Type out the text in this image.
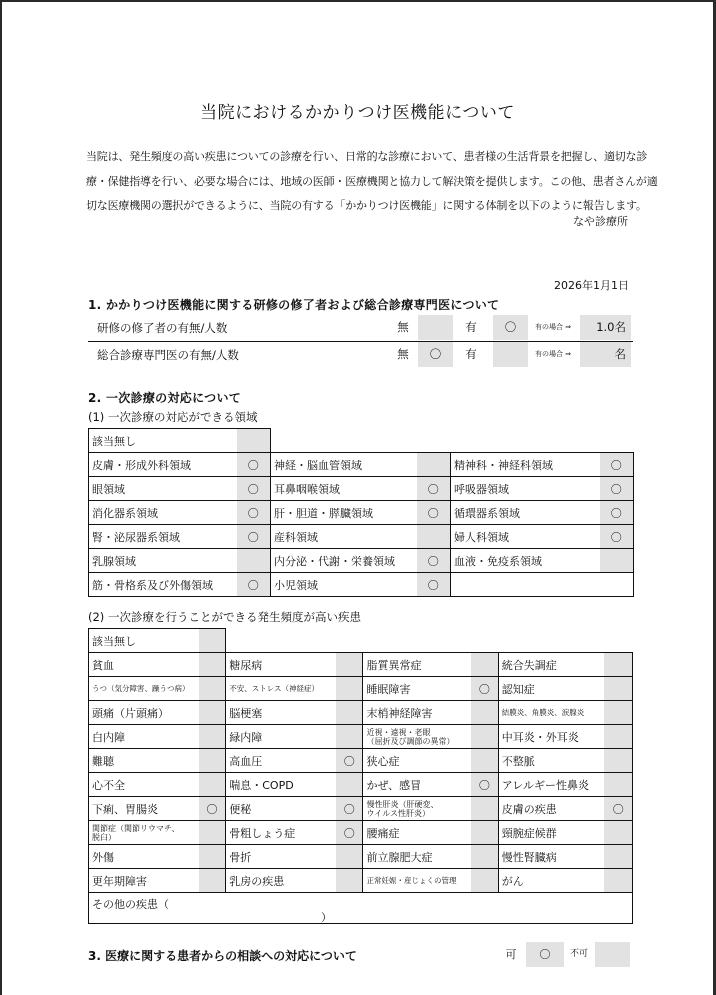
当院におけるかかりつけ医機能について
当院は、発生頻度の高い疾患についての診療を行い、日常的な診療において、患者様の生活背景を把握し、適切な診
療・保健指導を行い、必要な場合には、地域の医師・医療機関と協力して解決策を提供します。この他、患者さんが適
切な医療機関の選択ができるように、当院の有する「かかりつけ医機能」に関する体制を以下のように報告します。
なや診療所
2026年1月1日
1. かかりつけ医機能に関する研修の修了者および総合診療専門医について
研修の修了者の有無/人数	無	有	〇	有の場合 ⇒	1.0名
総合診療専門医の有無/人数	無	〇	有	有の場合 ⇒	名
2. 一次診療の対応について
(1) 一次診療の対応ができる領域
該当無し					
皮膚・形成外科領域	〇	神経・脳血管領域		精神科・神経科領域	〇
眼領域	〇	耳鼻咽喉領域	〇	呼吸器領域	〇
消化器系領域	〇	肝・胆道・膵臓領域	〇	循環器系領域	〇
腎・泌尿器系領域	〇	産科領域		婦人科領域	〇
乳腺領域		内分泌・代謝・栄養領域	〇	血液・免疫系領域	
筋・骨格系及び外傷領域	〇	小児領域	〇		
(2) 一次診療を行うことができる発生頻度が高い疾患
該当無し							
貧血		糖尿病		脂質異常症		統合失調症	
うつ（気分障害、躁うつ病）		不安、ストレス（神経症）		睡眠障害	〇	認知症	
頭痛（片頭痛）		脳梗塞		末梢神経障害		結膜炎、角膜炎、涙腺炎	
白内障		緑内障		近視・遠視・老眼
（屈折及び調節の異常）		中耳炎・外耳炎	
難聴		高血圧	〇	狭心症		不整脈	
心不全		喘息・COPD		かぜ、感冒	〇	アレルギー性鼻炎	
下痢、胃腸炎	〇	便秘	〇	慢性肝炎（肝硬変、
ウイルス性肝炎）		皮膚の疾患	〇
関節症（関節リウマチ、
脱臼）		骨粗しょう症	〇	腰痛症		頸腕症候群	
外傷		骨折		前立腺肥大症		慢性腎臓病	
更年期障害		乳房の疾患		正常妊娠・産じょくの管理		がん	

その他の疾患（
）							
3. 医療に関する患者からの相談への対応について	可	〇	不可
